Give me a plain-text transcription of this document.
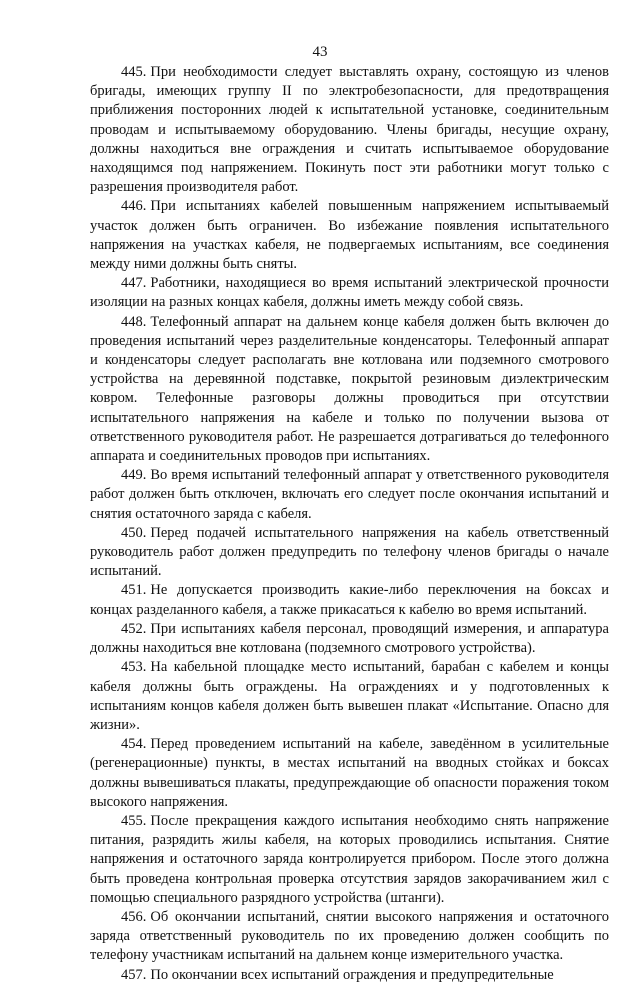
43

445. При необходимости следует выставлять охрану, состоящую из членов бригады, имеющих группу II по электробезопасности, для предотвращения приближения посторонних людей к испытательной установке, соединительным проводам и испытываемому оборудованию. Члены бригады, несущие охрану, должны находиться вне ограждения и считать испытываемое оборудование находящимся под напряжением. Покинуть пост эти работники могут только с разрешения производителя работ.

446. При испытаниях кабелей повышенным напряжением испытываемый участок должен быть ограничен. Во избежание появления испытательного напряжения на участках кабеля, не подвергаемых испытаниям, все соединения между ними должны быть сняты.

447. Работники, находящиеся во время испытаний электрической прочности изоляции на разных концах кабеля, должны иметь между собой связь.

448. Телефонный аппарат на дальнем конце кабеля должен быть включен до проведения испытаний через разделительные конденсаторы. Телефонный аппарат и конденсаторы следует располагать вне котлована или подземного смотрового устройства на деревянной подставке, покрытой резиновым диэлектрическим ковром. Телефонные разговоры должны проводиться при отсутствии испытательного напряжения на кабеле и только по получении вызова от ответственного руководителя работ. Не разрешается дотрагиваться до телефонного аппарата и соединительных проводов при испытаниях.

449. Во время испытаний телефонный аппарат у ответственного руководителя работ должен быть отключен, включать его следует после окончания испытаний и снятия остаточного заряда с кабеля.

450. Перед подачей испытательного напряжения на кабель ответственный руководитель работ должен предупредить по телефону членов бригады о начале испытаний.

451. Не допускается производить какие-либо переключения на боксах и концах разделанного кабеля, а также прикасаться к кабелю во время испытаний.

452. При испытаниях кабеля персонал, проводящий измерения, и аппаратура должны находиться вне котлована (подземного смотрового устройства).

453. На кабельной площадке место испытаний, барабан с кабелем и концы кабеля должны быть ограждены. На ограждениях и у подготовленных к испытаниям концов кабеля должен быть вывешен плакат «Испытание. Опасно для жизни».

454. Перед проведением испытаний на кабеле, заведённом в усилительные (регенерационные) пункты, в местах испытаний на вводных стойках и боксах должны вывешиваться плакаты, предупреждающие об опасности поражения током высокого напряжения.

455. После прекращения каждого испытания необходимо снять напряжение питания, разрядить жилы кабеля, на которых проводились испытания. Снятие напряжения и остаточного заряда контролируется прибором. После этого должна быть проведена контрольная проверка отсутствия зарядов закорачиванием жил с помощью специального разрядного устройства (штанги).

456. Об окончании испытаний, снятии высокого напряжения и остаточного заряда ответственный руководитель по их проведению должен сообщить по телефону участникам испытаний на дальнем конце измерительного участка.

457. По окончании всех испытаний ограждения и предупредительные
